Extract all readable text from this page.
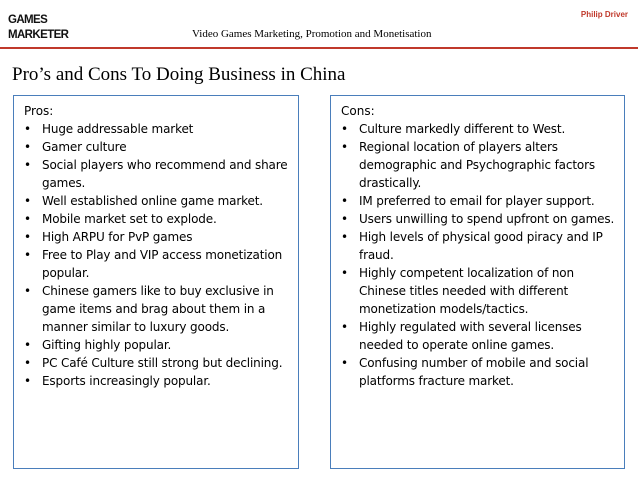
GAMES
MARKETER	Video Games Marketing, Promotion and Monetisation
Philip Driver
Pro’s and Cons To Doing Business in China
Pros:
• Huge addressable market
• Gamer culture
• Social players who recommend and share games.
• Well established online game market.
• Mobile market set to explode.
• High ARPU for PvP games
• Free to Play and VIP access monetization popular.
• Chinese gamers like to buy exclusive in game items and brag about them in a manner similar to luxury goods.
• Gifting highly popular.
• PC Café Culture still strong but declining.
• Esports increasingly popular.
Cons:
• Culture markedly different to West.
• Regional location of players alters demographic and Psychographic factors drastically.
• IM preferred to email for player support.
• Users unwilling to spend upfront on games.
• High levels of physical good piracy and IP fraud.
• Highly competent localization of non Chinese titles needed with different monetization models/tactics.
• Highly regulated with several licenses needed to operate online games.
• Confusing number of mobile and social platforms fracture market.
